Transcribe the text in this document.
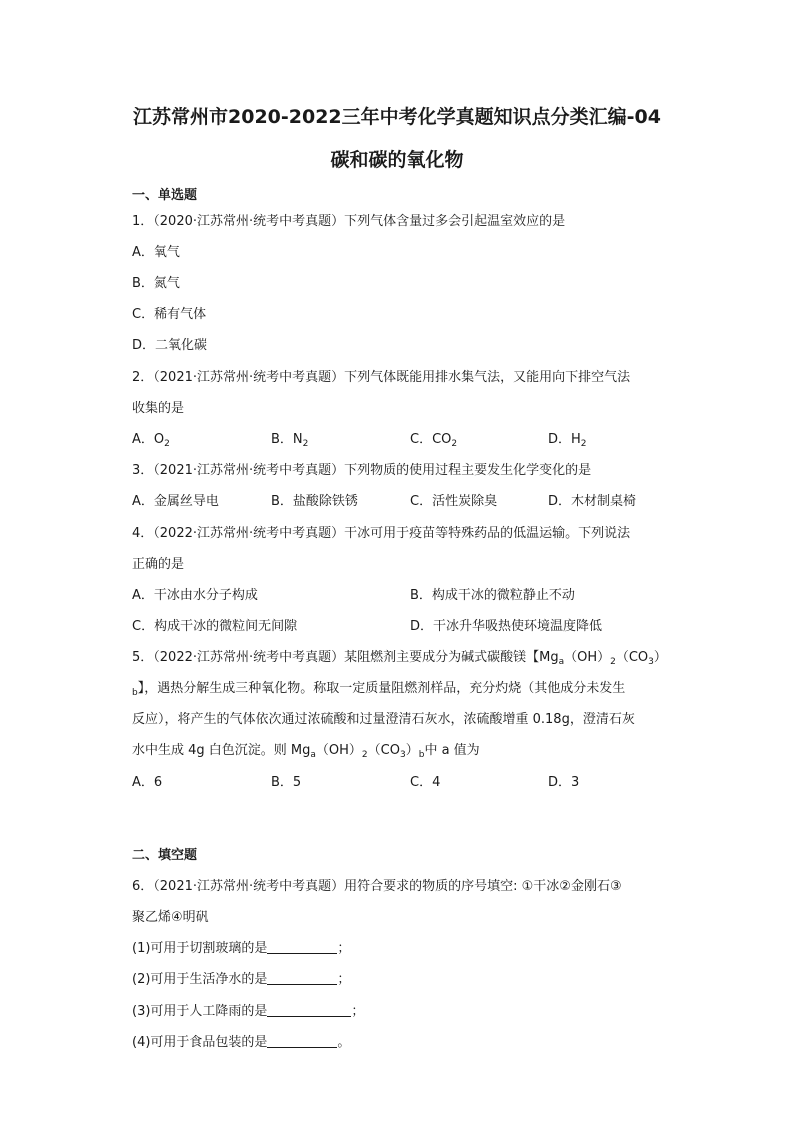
江苏常州市2020-2022三年中考化学真题知识点分类汇编-04
碳和碳的氧化物
一、单选题
1．（2020·江苏常州·统考中考真题）下列气体含量过多会引起温室效应的是
A．氧气
B．氮气
C．稀有气体
D．二氧化碳
2．（2021·江苏常州·统考中考真题）下列气体既能用排水集气法，又能用向下排空气法
收集的是
A．$O_2$	B．$N_2$	C．$CO_2$	D．$H_2$
3．（2021·江苏常州·统考中考真题）下列物质的使用过程主要发生化学变化的是
A．金属丝导电	B．盐酸除铁锈	C．活性炭除臭	D．木材制桌椅
4．（2022·江苏常州·统考中考真题）干冰可用于疫苗等特殊药品的低温运输。下列说法
正确的是
A．干冰由水分子构成	B．构成干冰的微粒静止不动
C．构成干冰的微粒间无间隙	D．干冰升华吸热使环境温度降低
5．（2022·江苏常州·统考中考真题）某阻燃剂主要成分为碱式碳酸镁【$Mg_a(OH)_2(CO_3)$
$_b$】，遇热分解生成三种氧化物。称取一定质量阻燃剂样品，充分灼烧（其他成分未发生
反应），将产生的气体依次通过浓硫酸和过量澄清石灰水，浓硫酸增重 0.18g，澄清石灰
水中生成 4g 白色沉淀。则 $Mg_a(OH)_2(CO_3)_b$中 a 值为
A．6	B．5	C．4	D．3
二、填空题
6．（2021·江苏常州·统考中考真题）用符合要求的物质的序号填空: ①干冰②金刚石③
聚乙烯④明矾
(1)可用于切割玻璃的是	；
(2)可用于生活净水的是	；
(3)可用于人工降雨的是	；
(4)可用于食品包装的是	。
